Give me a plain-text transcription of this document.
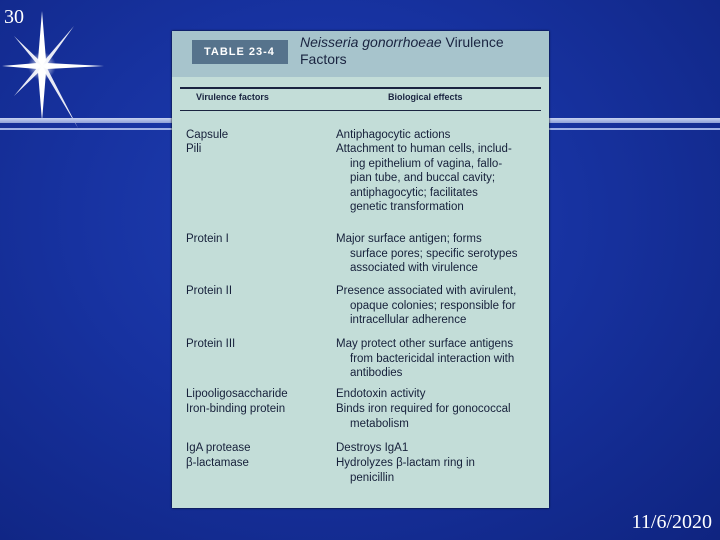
30
TABLE 23-4
Neisseria gonorrhoeae Virulence Factors
Virulence factors	Biological effects
Capsule	Antiphagocytic actions
Pili	Attachment to human cells, includ-
ing epithelium of vagina, fallo-
pian tube, and buccal cavity;
antiphagocytic; facilitates
genetic transformation
Protein I	Major surface antigen; forms
surface pores; specific serotypes
associated with virulence
Protein II	Presence associated with avirulent,
opaque colonies; responsible for
intracellular adherence
Protein III	May protect other surface antigens
from bactericidal interaction with
antibodies
Lipooligosaccharide	Endotoxin activity
Iron-binding protein	Binds iron required for gonococcal
metabolism
IgA protease	Destroys IgA1
β-lactamase	Hydrolyzes β-lactam ring in
penicillin
11/6/2020
